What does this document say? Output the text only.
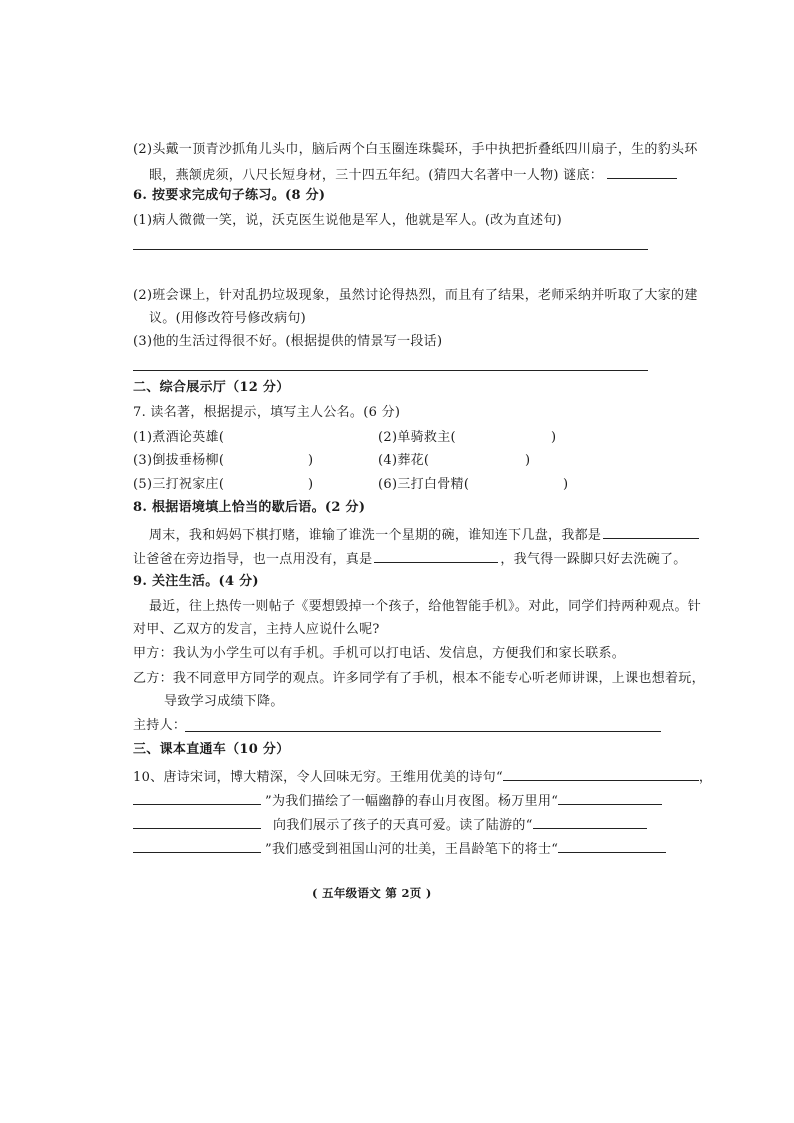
(2)头戴一顶青沙抓角儿头巾，脑后两个白玉圈连珠鬓环，手中执把折叠纸四川扇子，生的豹头环
眼，燕颔虎须，八尺长短身材，三十四五年纪。(猜四大名著中一人物) 谜底：
6. 按要求完成句子练习。(8 分)
(1)病人微微一笑，说，沃克医生说他是军人，他就是军人。(改为直述句)
(2)班会课上，针对乱扔垃圾现象，虽然讨论得热烈，而且有了结果，老师采纳并听取了大家的建
议。(用修改符号修改病句)
(3)他的生活过得很不好。(根据提供的情景写一段话)
二、综合展示厅（12 分）
7. 读名著，根据提示，填写主人公名。(6 分)
(1)煮酒论英雄(	(2)单骑救主(	)
(3)倒拔垂杨柳(	)	(4)葬花(	)
(5)三打祝家庄(	)	(6)三打白骨精(	)
8. 根据语境填上恰当的歇后语。(2 分)
周末，我和妈妈下棋打赌，谁输了谁洗一个星期的碗，谁知连下几盘，我都是
让爸爸在旁边指导，也一点用没有，真是	，我气得一跺脚只好去洗碗了。
9. 关注生活。(4 分)
最近，往上热传一则帖子《要想毁掉一个孩子，给他智能手机》。对此，同学们持两种观点。针
对甲、乙双方的发言，主持人应说什么呢?
甲方：我认为小学生可以有手机。手机可以打电话、发信息，方便我们和家长联系。
乙方：我不同意甲方同学的观点。许多同学有了手机，根本不能专心听老师讲课，上课也想着玩，
导致学习成绩下降。
主持人：
三、课本直通车（10 分）
10、唐诗宋词，博大精深，令人回味无穷。王维用优美的诗句“	，
”为我们描绘了一幅幽静的春山月夜图。杨万里用“
向我们展示了孩子的天真可爱。读了陆游的“
”我们感受到祖国山河的壮美，王昌龄笔下的将士“
( 五年级语文 第 2页 )
